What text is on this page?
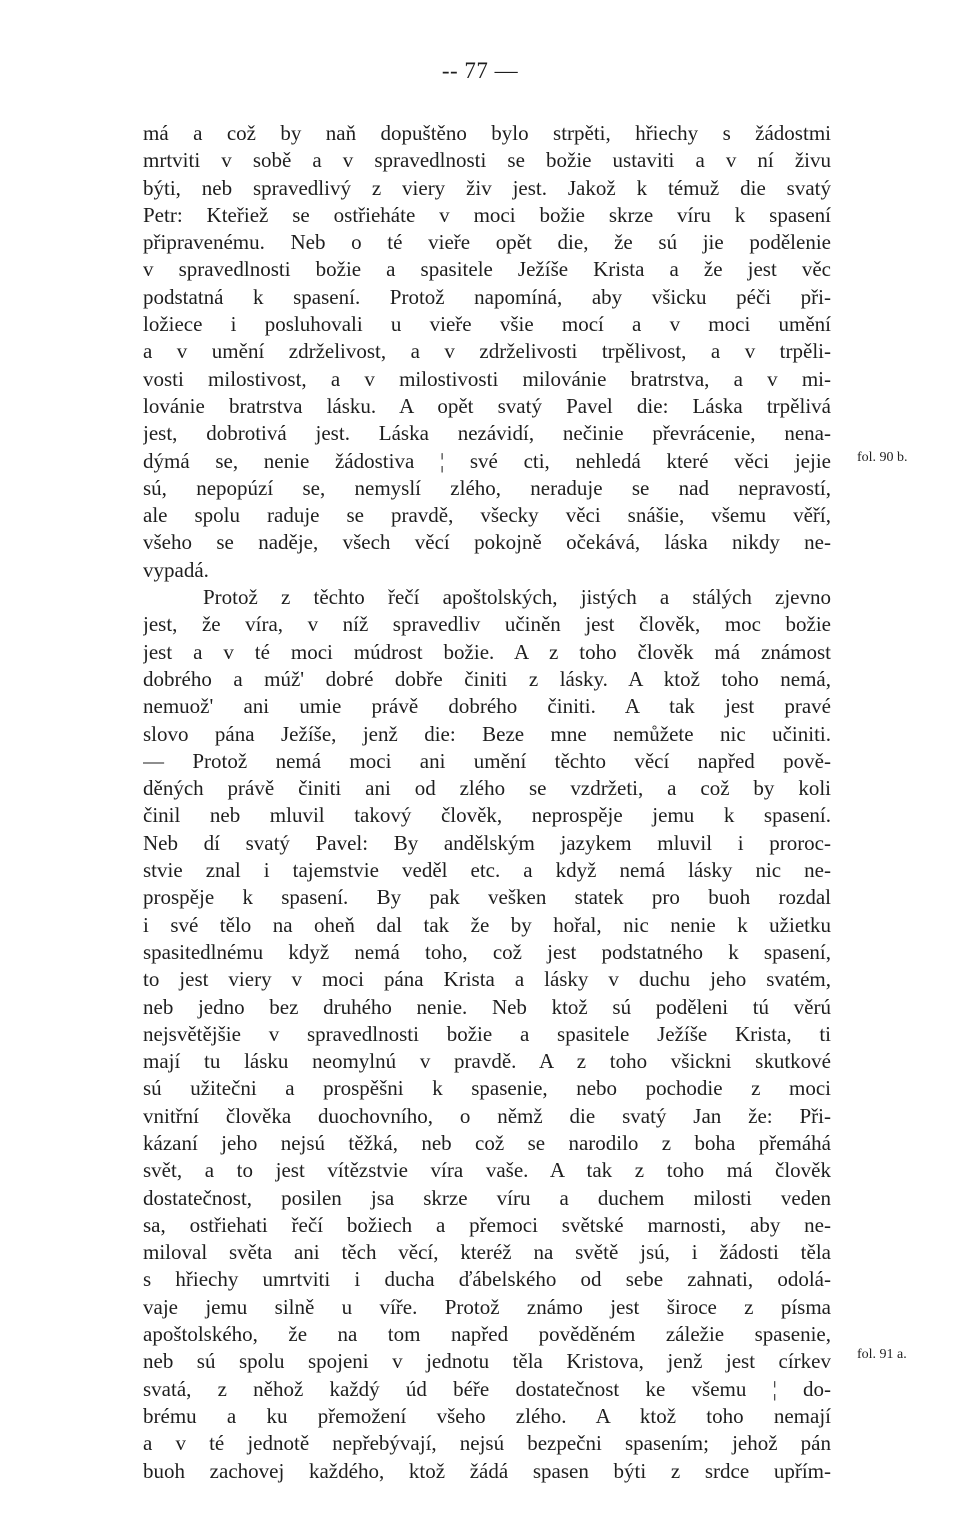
-- 77 —
má a což by naň dopuštěno bylo strpěti, hřiechy s žádostmi
mrtviti v sobě a v spravedlnosti se božie ustaviti a v ní živu
býti, neb spravedlivý z viery živ jest. Jakož k témuž die svatý
Petr: Kteřiež se ostřieháte v moci božie skrze víru k spasení
připravenému. Neb o té vieře opět die, že sú jie podělenie
v spravedlnosti božie a spasitele Ježíše Krista a že jest věc
podstatná k spasení. Protož napomíná, aby všicku péči při-
ložiece i posluhovali u vieře všie mocí a v moci umění
a v umění zdrželivost, a v zdrželivosti trpělivost, a v trpěli-
vosti milostivost, a v milostivosti milovánie bratrstva, a v mi-
lovánie bratrstva lásku. A opět svatý Pavel die: Láska trpělivá
jest, dobrotivá jest. Láska nezávidí, nečinie převrácenie, nena-
dýmá se, nenie žádostiva ¦ své cti, nehledá které věci jejie
sú, nepopúzí se, nemyslí zlého, neraduje se nad nepravostí,
ale spolu raduje se pravdě, všecky věci snášie, všemu věří,
všeho se naděje, všech věcí pokojně očekává, láska nikdy ne-
vypadá.
Protož z těchto řečí apoštolských, jistých a stálých zjevno
jest, že víra, v níž spravedliv učiněn jest člověk, moc božie
jest a v té moci múdrost božie. A z toho člověk má známost
dobrého a múž' dobré dobře činiti z lásky. A ktož toho nemá,
nemuož' ani umie právě dobrého činiti. A tak jest pravé
slovo pána Ježíše, jenž die: Beze mne nemůžete nic učiniti.
— Protož nemá moci ani umění těchto věcí napřed pově-
děných právě činiti ani od zlého se vzdržeti, a což by koli
činil neb mluvil takový člověk, neprospěje jemu k spasení.
Neb dí svatý Pavel: By andělským jazykem mluvil i proroc-
stvie znal i tajemstvie veděl etc. a když nemá lásky nic ne-
prospěje k spasení. By pak vešken statek pro buoh rozdal
i své tělo na oheň dal tak že by hořal, nic nenie k užietku
spasitedlnému když nemá toho, což jest podstatného k spasení,
to jest viery v moci pána Krista a lásky v duchu jeho svatém,
neb jedno bez druhého nenie. Neb ktož sú poděleni tú věrú
nejsvětějšie v spravedlnosti božie a spasitele Ježíše Krista, ti
mají tu lásku neomylnú v pravdě. A z toho všickni skutkové
sú užitečni a prospěšni k spasenie, nebo pochodie z moci
vnitřní člověka duochovního, o němž die svatý Jan že: Při-
kázaní jeho nejsú těžká, neb což se narodilo z boha přemáhá
svět, a to jest vítězstvie víra vaše. A tak z toho má člověk
dostatečnost, posilen jsa skrze víru a duchem milosti veden
sa, ostřiehati řečí božiech a přemoci světské marnosti, aby ne-
miloval světa ani těch věcí, kteréž na světě jsú, i žádosti těla
s hřiechy umrtviti i ducha ďábelského od sebe zahnati, odolá-
vaje jemu silně u víře. Protož známo jest široce z písma
apoštolského, že na tom napřed pověděném záležie spasenie,
neb sú spolu spojeni v jednotu těla Kristova, jenž jest církev
svatá, z něhož každý úd béře dostatečnost ke všemu ¦ do-
brému a ku přemožení všeho zlého. A ktož toho nemají
a v té jednotě nepřebývají, nejsú bezpečni spasením; jehož pán
buoh zachovej každého, ktož žádá spasen býti z srdce upřím-
fol. 90 b.
fol. 91 a.
